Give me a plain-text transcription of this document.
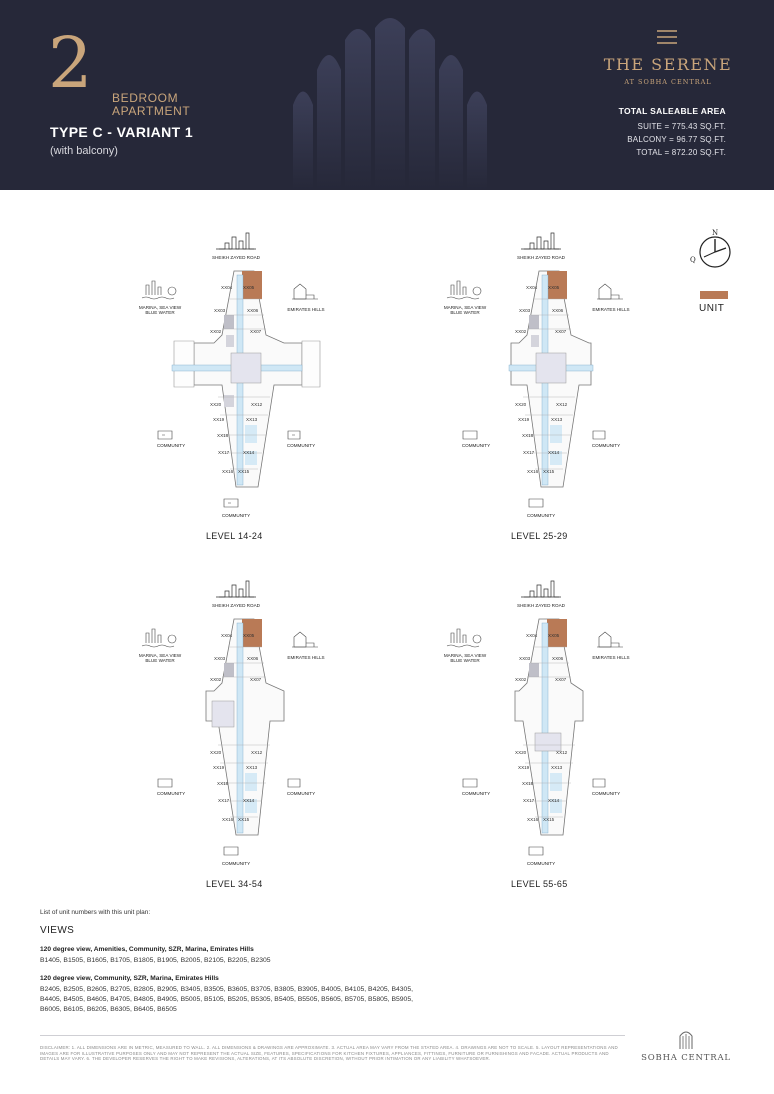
2 BEDROOM
APARTMENT
TYPE C - VARIANT 1
(with balcony)
THE SERENE
AT SOBHA CENTRAL
TOTAL SALEABLE AREA
SUITE = 775.43 SQ.FT.
BALCONY = 96.77 SQ.FT.
TOTAL = 872.20 SQ.FT.
N
Q
UNIT
SHEIKH ZAYED ROAD
MARINA, SEA VIEW
BLUE WATER
EMIRATES HILLS
COMMUNITY	COMMUNITY
COMMUNITY
XX04 XX05
XX03	XX06
XX02	XX07
XX20	XX12
XX19	XX13
XX18
XX17	XX14
XX16 XX15
LEVEL 14-24
SHEIKH ZAYED ROAD
MARINA, SEA VIEW
BLUE WATER
EMIRATES HILLS
COMMUNITY	COMMUNITY
COMMUNITY
XX04 XX05
XX03	XX06
XX02	XX07
XX20	XX12
XX19	XX13
XX18
XX17	XX14
XX16 XX15
LEVEL 25-29
SHEIKH ZAYED ROAD
MARINA, SEA VIEW
BLUE WATER
EMIRATES HILLS
COMMUNITY	COMMUNITY
COMMUNITY
XX04 XX05
XX03	XX06
XX02	XX07
XX20	XX12
XX19	XX13
XX18
XX17	XX14
XX16 XX15
LEVEL 34-54
SHEIKH ZAYED ROAD
MARINA, SEA VIEW
BLUE WATER
EMIRATES HILLS
COMMUNITY	COMMUNITY
COMMUNITY
XX04 XX05
XX03	XX06
XX02	XX07
XX20	XX12
XX19	XX13
XX18
XX17	XX14
XX16 XX15
LEVEL 55-65
List of unit numbers with this unit plan:
VIEWS
120 degree view, Amenities, Community, SZR, Marina, Emirates Hills
B1405, B1505, B1605, B1705, B1805, B1905, B2005, B2105, B2205, B2305
120 degree view, Community, SZR, Marina, Emirates Hills
B2405, B2505, B2605, B2705, B2805, B2905, B3405, B3505, B3605, B3705, B3805, B3905, B4005, B4105, B4205, B4305, B4405, B4505, B4605, B4705, B4805, B4905, B5005, B5105, B5205, B5305, B5405, B5505, B5605, B5705, B5805, B5905, B6005, B6105, B6205, B6305, B6405, B6505
DISCLAIMER: 1. ALL DIMENSIONS ARE IN METRIC, MEASURED TO WALL. 2. ALL DIMENSIONS & DRAWINGS ARE APPROXIMATE. 3. ACTUAL AREA MAY VARY FROM THE STATED AREA. 4. DRAWINGS ARE NOT TO SCALE. 5. LAYOUT REPRESENTATIONS AND IMAGES ARE FOR ILLUSTRATIVE PURPOSES ONLY AND MAY NOT REPRESENT THE ACTUAL SIZE, FEATURES, SPECIFICATIONS FOR KITCHEN FIXTURES, APPLIANCES, FITTINGS, FURNITURE OR FURNISHINGS AND FACADE. ACTUAL PRODUCTS AND DETAILS MAY VARY. 6. THE DEVELOPER RESERVES THE RIGHT TO MAKE REVISIONS, ALTERATIONS, AT ITS ABSOLUTE DISCRETION, WITHOUT PRIOR INTIMATION OR ANY LIABILITY WHATSOEVER.	SOBHA CENTRAL
